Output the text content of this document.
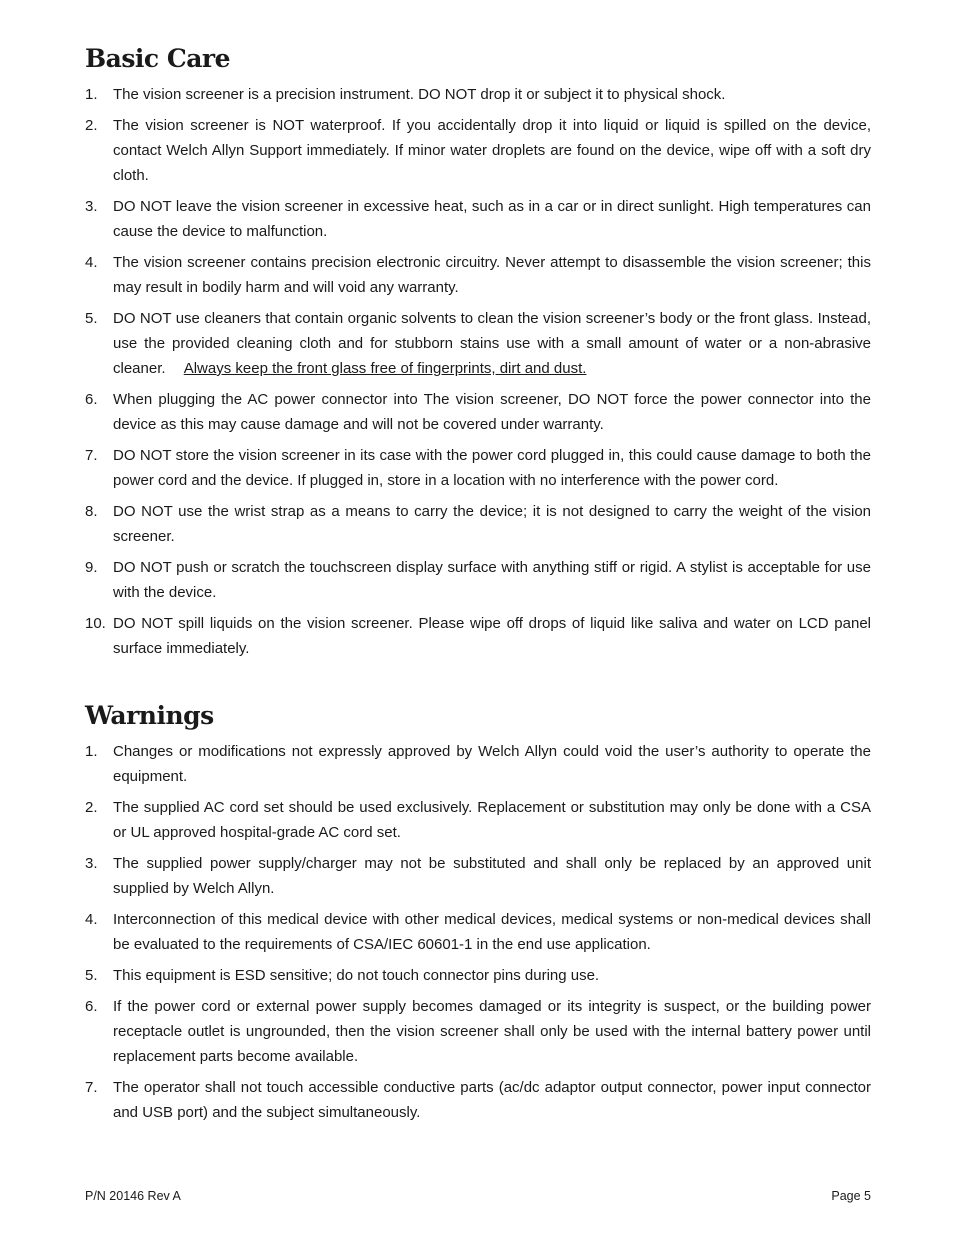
Basic Care
1.	The vision screener is a precision instrument. DO NOT drop it or subject it to physical shock.
2.	The vision screener is NOT waterproof. If you accidentally drop it into liquid or liquid is spilled on the device, contact Welch Allyn Support immediately. If minor water droplets are found on the device, wipe off with a soft dry cloth.
3.	DO NOT leave the vision screener in excessive heat, such as in a car or in direct sunlight. High temperatures can cause the device to malfunction.
4.	The vision screener contains precision electronic circuitry. Never attempt to disassemble the vision screener; this may result in bodily harm and will void any warranty.
5.	DO NOT use cleaners that contain organic solvents to clean the vision screener’s body or the front glass. Instead, use the provided cleaning cloth and for stubborn stains use with a small amount of water or a non-abrasive cleaner. Always keep the front glass free of fingerprints, dirt and dust.
6.	When plugging the AC power connector into The vision screener, DO NOT force the power connector into the device as this may cause damage and will not be covered under warranty.
7.	DO NOT store the vision screener in its case with the power cord plugged in, this could cause damage to both the power cord and the device. If plugged in, store in a location with no interference with the power cord.
8.	DO NOT use the wrist strap as a means to carry the device; it is not designed to carry the weight of the vision screener.
9.	DO NOT push or scratch the touchscreen display surface with anything stiff or rigid. A stylist is acceptable for use with the device.
10. DO NOT spill liquids on the vision screener. Please wipe off drops of liquid like saliva and water on LCD panel surface immediately.
Warnings
1.	Changes or modifications not expressly approved by Welch Allyn could void the user’s authority to operate the equipment.
2.	The supplied AC cord set should be used exclusively. Replacement or substitution may only be done with a CSA or UL approved hospital-grade AC cord set.
3.	The supplied power supply/charger may not be substituted and shall only be replaced by an approved unit supplied by Welch Allyn.
4.	Interconnection of this medical device with other medical devices, medical systems or non-medical devices shall be evaluated to the requirements of CSA/IEC 60601-1 in the end use application.
5.	This equipment is ESD sensitive; do not touch connector pins during use.
6.	If the power cord or external power supply becomes damaged or its integrity is suspect, or the building power receptacle outlet is ungrounded, then the vision screener shall only be used with the internal battery power until replacement parts become available.
7.	The operator shall not touch accessible conductive parts (ac/dc adaptor output connector, power input connector and USB port) and the subject simultaneously.
P/N 20146 Rev A	Page 5
